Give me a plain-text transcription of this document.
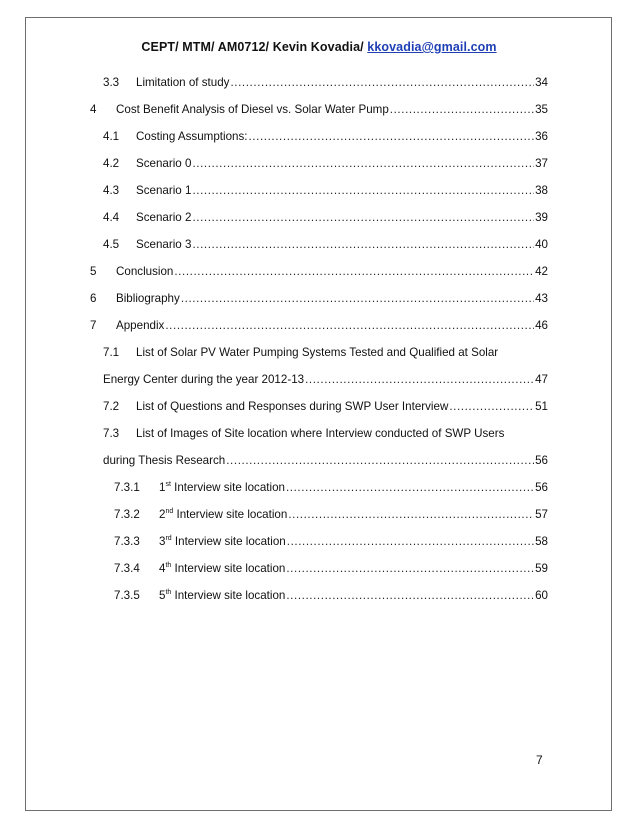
CEPT/ MTM/ AM0712/ Kevin Kovadia/ kkovadia@gmail.com
3.3 Limitation of study .....	34
4 Cost Benefit Analysis of Diesel vs. Solar Water Pump .....	35
4.1 Costing Assumptions: .....	36
4.2 Scenario 0 .....	37
4.3 Scenario 1 .....	38
4.4 Scenario 2 .....	39
4.5 Scenario 3 .....	40
5 Conclusion .....	42
6 Bibliography .....	43
7 Appendix .....	46
7.1 List of Solar PV Water Pumping Systems Tested and Qualified at Solar
Energy Center during the year 2012-13 .....	47
7.2 List of Questions and Responses during SWP User Interview .....	51
7.3 List of Images of Site location where Interview conducted of SWP Users
during Thesis Research .....	56
7.3.1 1st Interview site location .....	56
7.3.2 2nd Interview site location .....	57
7.3.3 3rd Interview site location .....	58
7.3.4 4th Interview site location .....	59
7.3.5 5th Interview site location .....	60
7
